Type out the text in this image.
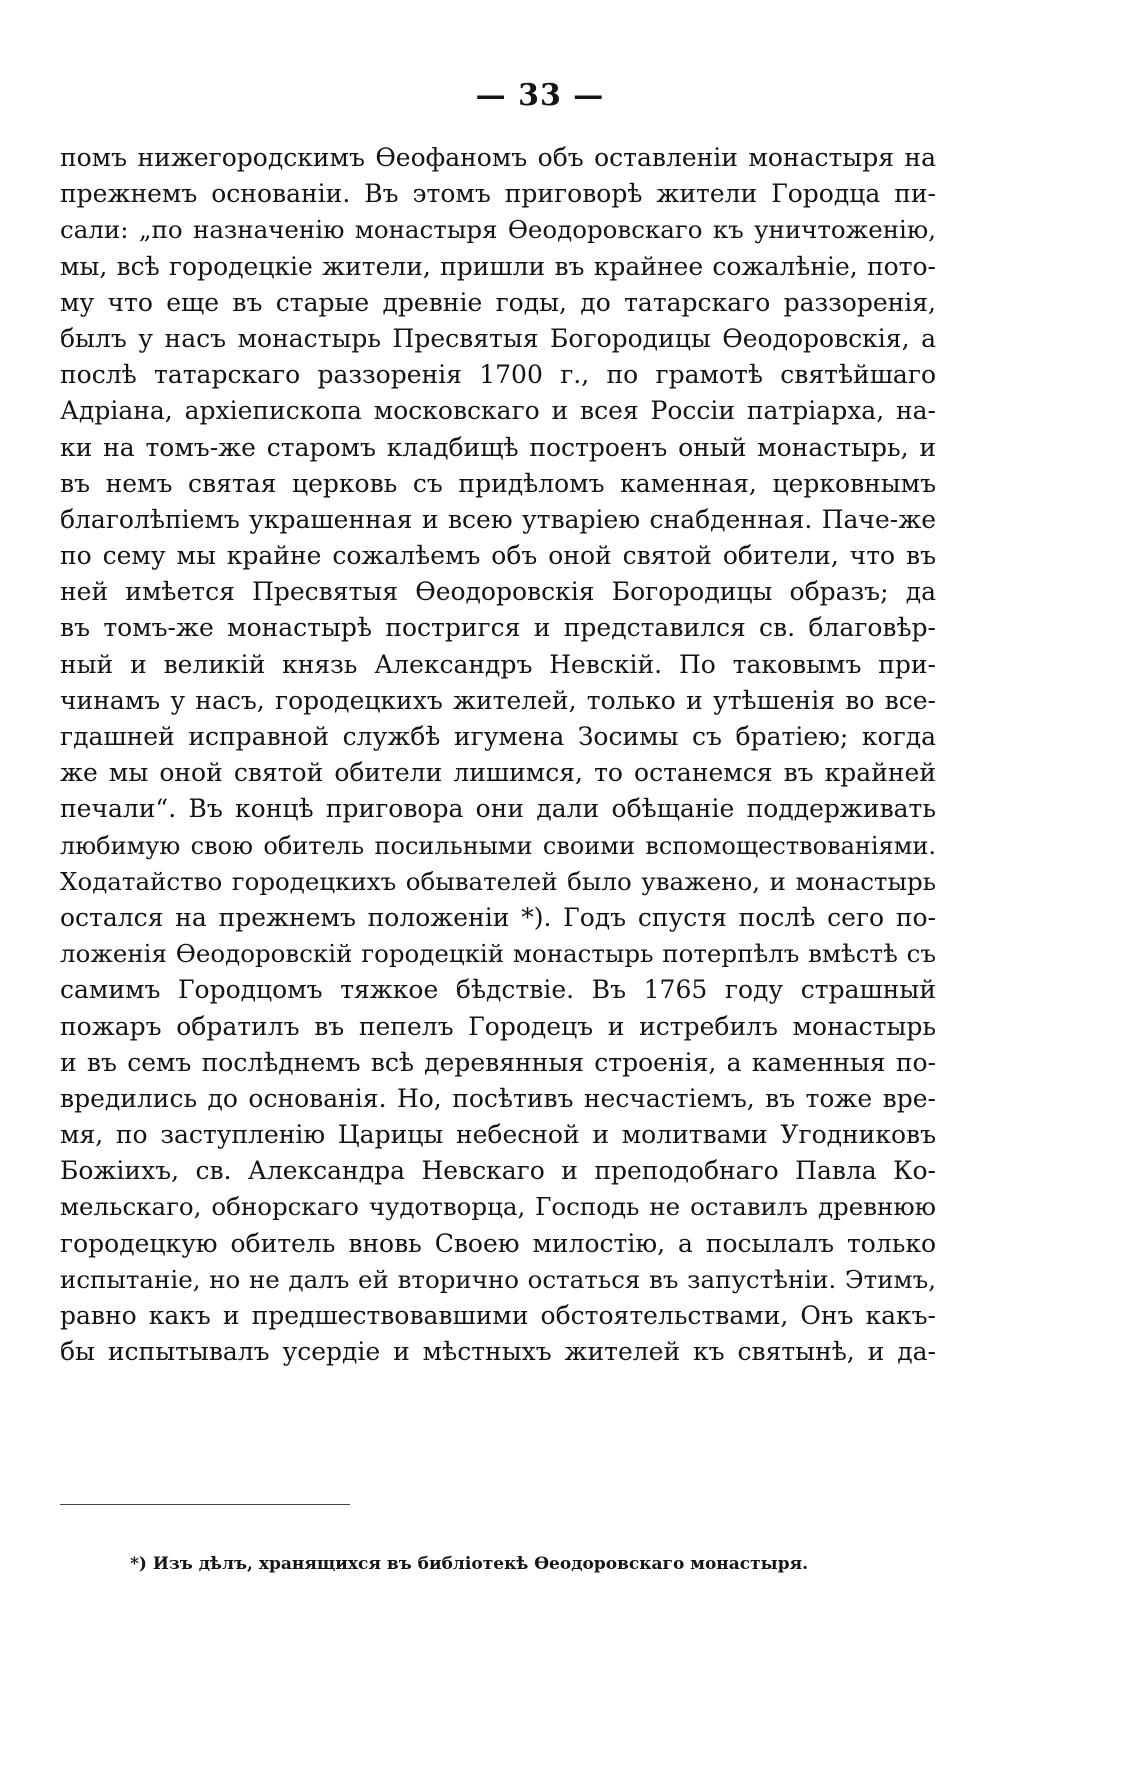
— 33 —
помъ нижегородскимъ Ѳеофаномъ объ оставленіи монастыря на
прежнемъ основаніи. Въ этомъ приговорѣ жители Городца пи-
сали: „по назначенію монастыря Ѳеодоровскаго къ уничтоженію,
мы, всѣ городецкіе жители, пришли въ крайнее сожалѣніе, пото-
му что еще въ старые древніе годы, до татарскаго раззоренія,
былъ у насъ монастырь Пресвятыя Богородицы Ѳеодоровскія, а
послѣ татарскаго раззоренія 1700 г., по грамотѣ святѣйшаго
Адріана, архіепископа московскаго и всея Россіи патріарха, на-
ки на томъ-же старомъ кладбищѣ построенъ оный монастырь, и
въ немъ святая церковь съ придѣломъ каменная, церковнымъ
благолѣпіемъ украшенная и всею утваріею снабденная. Паче-же
по сему мы крайне сожалѣемъ объ оной святой обители, что въ
ней имѣется Пресвятыя Ѳеодоровскія Богородицы образъ; да
въ томъ-же монастырѣ постригся и представился св. благовѣр-
ный и великій князь Александръ Невскій. По таковымъ при-
чинамъ у насъ, городецкихъ жителей, только и утѣшенія во все-
гдашней исправной службѣ игумена Зосимы съ братіею; когда
же мы оной святой обители лишимся, то останемся въ крайней
печали“. Въ концѣ приговора они дали обѣщаніе поддерживать
любимую свою обитель посильными своими вспомоществованіями.
Ходатайство городецкихъ обывателей было уважено, и монастырь
остался на прежнемъ положеніи *). Годъ спустя послѣ сего по-
ложенія Ѳеодоровскій городецкій монастырь потерпѣлъ вмѣстѣ съ
самимъ Городцомъ тяжкое бѣдствіе. Въ 1765 году страшный
пожаръ обратилъ въ пепелъ Городецъ и истребилъ монастырь
и въ семъ послѣднемъ всѣ деревянныя строенія, а каменныя по-
вредились до основанія. Но, посѣтивъ несчастіемъ, въ тоже вре-
мя, по заступленію Царицы небесной и молитвами Угодниковъ
Божіихъ, св. Александра Невскаго и преподобнаго Павла Ко-
мельскаго, обнорскаго чудотворца, Господь не оставилъ древнюю
городецкую обитель вновь Своею милостію, а посылалъ только
испытаніе, но не далъ ей вторично остаться въ запустѣніи. Этимъ,
равно какъ и предшествовавшими обстоятельствами, Онъ какъ-
бы испытывалъ усердіе и мѣстныхъ жителей къ святынѣ, и да-
*) Изъ дѣлъ, хранящихся въ библіотекѣ Ѳеодоровскаго монастыря.
